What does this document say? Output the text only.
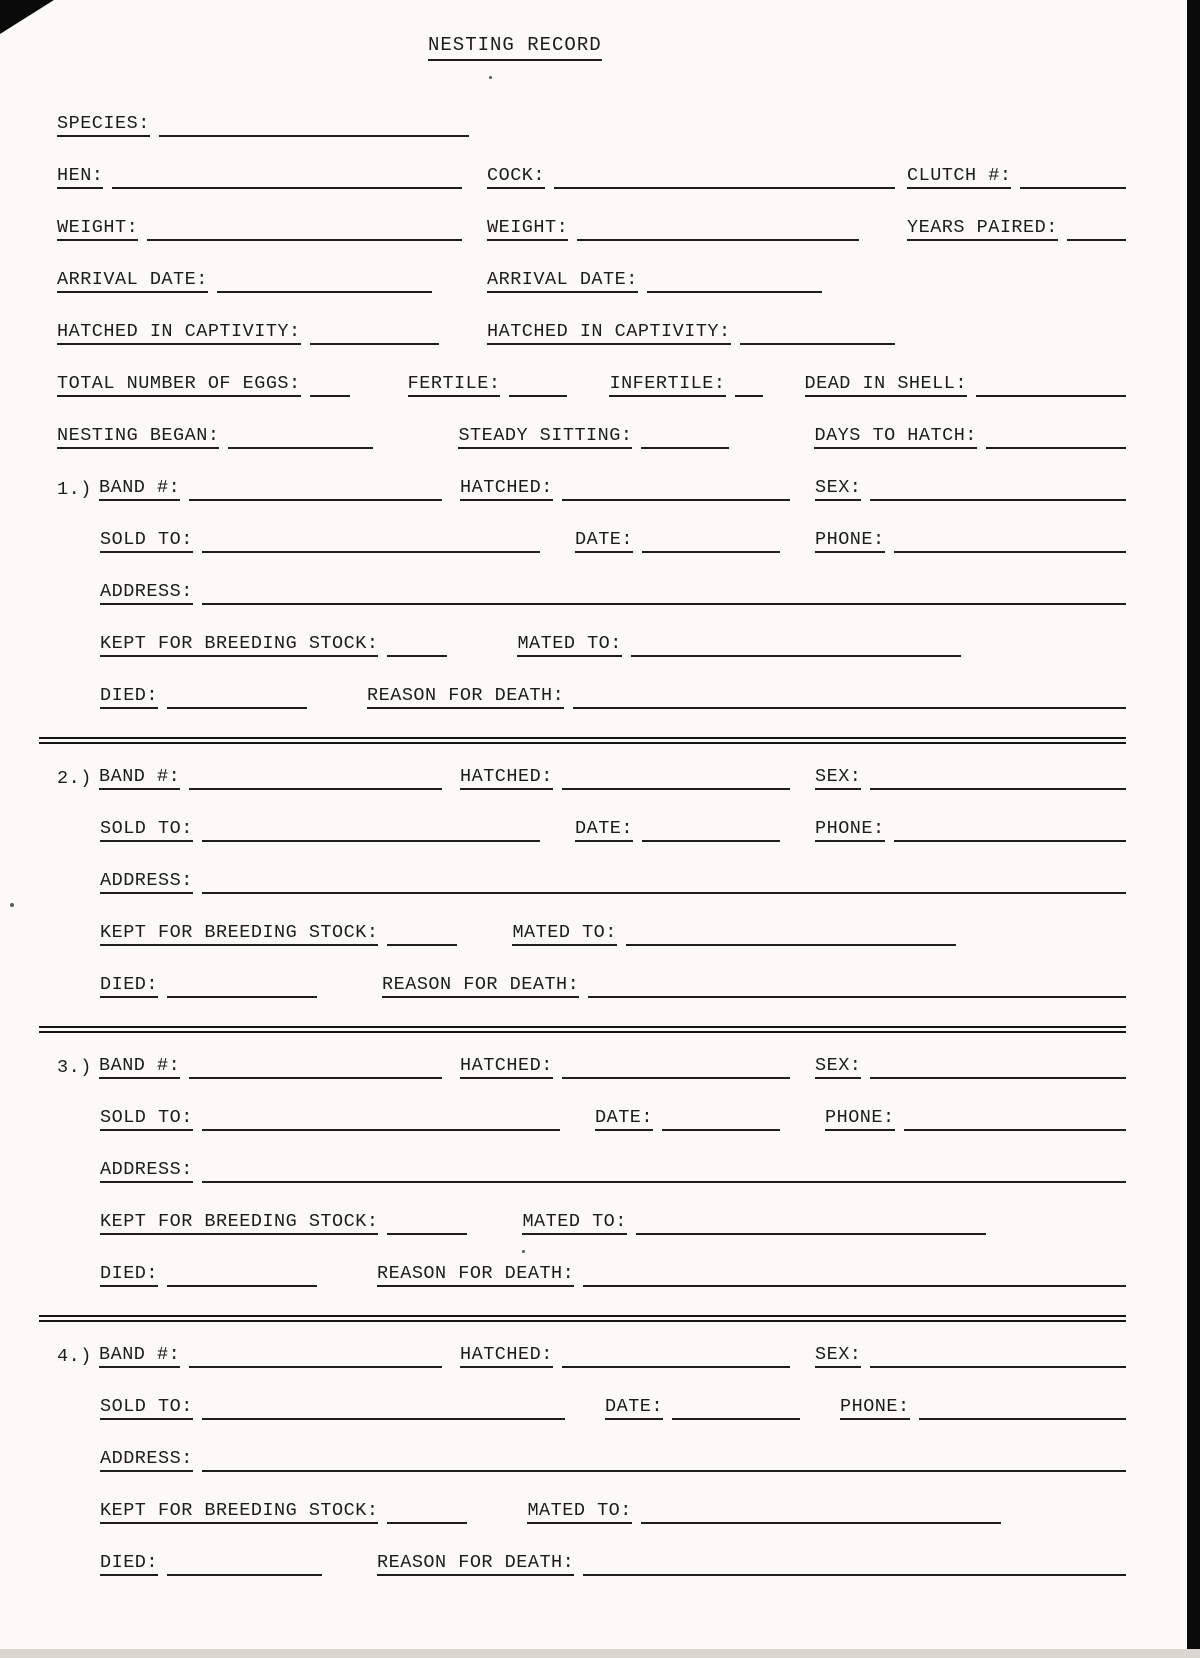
NESTING RECORD
SPECIES:
HEN:	COCK:	CLUTCH #:
WEIGHT:	WEIGHT:	YEARS PAIRED:
ARRIVAL DATE:	ARRIVAL DATE:
HATCHED IN CAPTIVITY:	HATCHED IN CAPTIVITY:
TOTAL NUMBER OF EGGS:	FERTILE:	INFERTILE:	DEAD IN SHELL:
NESTING BEGAN:	STEADY SITTING:	DAYS TO HATCH:
1.) BAND #:	HATCHED:	SEX:
SOLD TO:	DATE:	PHONE:
ADDRESS:
KEPT FOR BREEDING STOCK:	MATED TO:
DIED:	REASON FOR DEATH:
2.) BAND #:	HATCHED:	SEX:
SOLD TO:	DATE:	PHONE:
ADDRESS:
KEPT FOR BREEDING STOCK:	MATED TO:
DIED:	REASON FOR DEATH:
3.) BAND #:	HATCHED:	SEX:
SOLD TO:	DATE:	PHONE:
ADDRESS:
KEPT FOR BREEDING STOCK:	MATED TO:
DIED:	REASON FOR DEATH:
4.) BAND #:	HATCHED:	SEX:
SOLD TO:	DATE:	PHONE:
ADDRESS:
KEPT FOR BREEDING STOCK:	MATED TO:
DIED:	REASON FOR DEATH:
